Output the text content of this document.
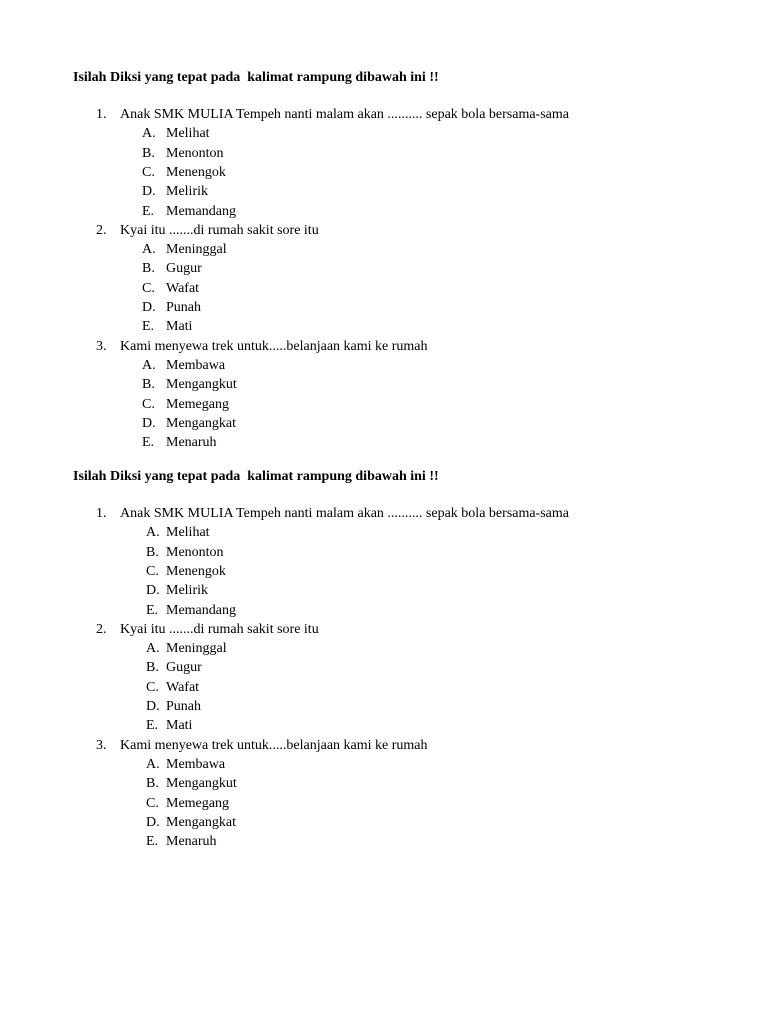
Isilah Diksi yang tepat pada  kalimat rampung dibawah ini !!
1. Anak SMK MULIA Tempeh nanti malam akan .......... sepak bola bersama-sama
A. Melihat
B. Menonton
C. Menengok
D. Melirik
E. Memandang
2. Kyai itu .......di rumah sakit sore itu
A. Meninggal
B. Gugur
C. Wafat
D. Punah
E. Mati
3. Kami menyewa trek untuk.....belanjaan kami ke rumah
A. Membawa
B. Mengangkut
C. Memegang
D. Mengangkat
E. Menaruh
Isilah Diksi yang tepat pada  kalimat rampung dibawah ini !!
1. Anak SMK MULIA Tempeh nanti malam akan .......... sepak bola bersama-sama
A. Melihat
B. Menonton
C. Menengok
D. Melirik
E. Memandang
2. Kyai itu .......di rumah sakit sore itu
A. Meninggal
B. Gugur
C. Wafat
D. Punah
E. Mati
3. Kami menyewa trek untuk.....belanjaan kami ke rumah
A. Membawa
B. Mengangkut
C. Memegang
D. Mengangkat
E. Menaruh
